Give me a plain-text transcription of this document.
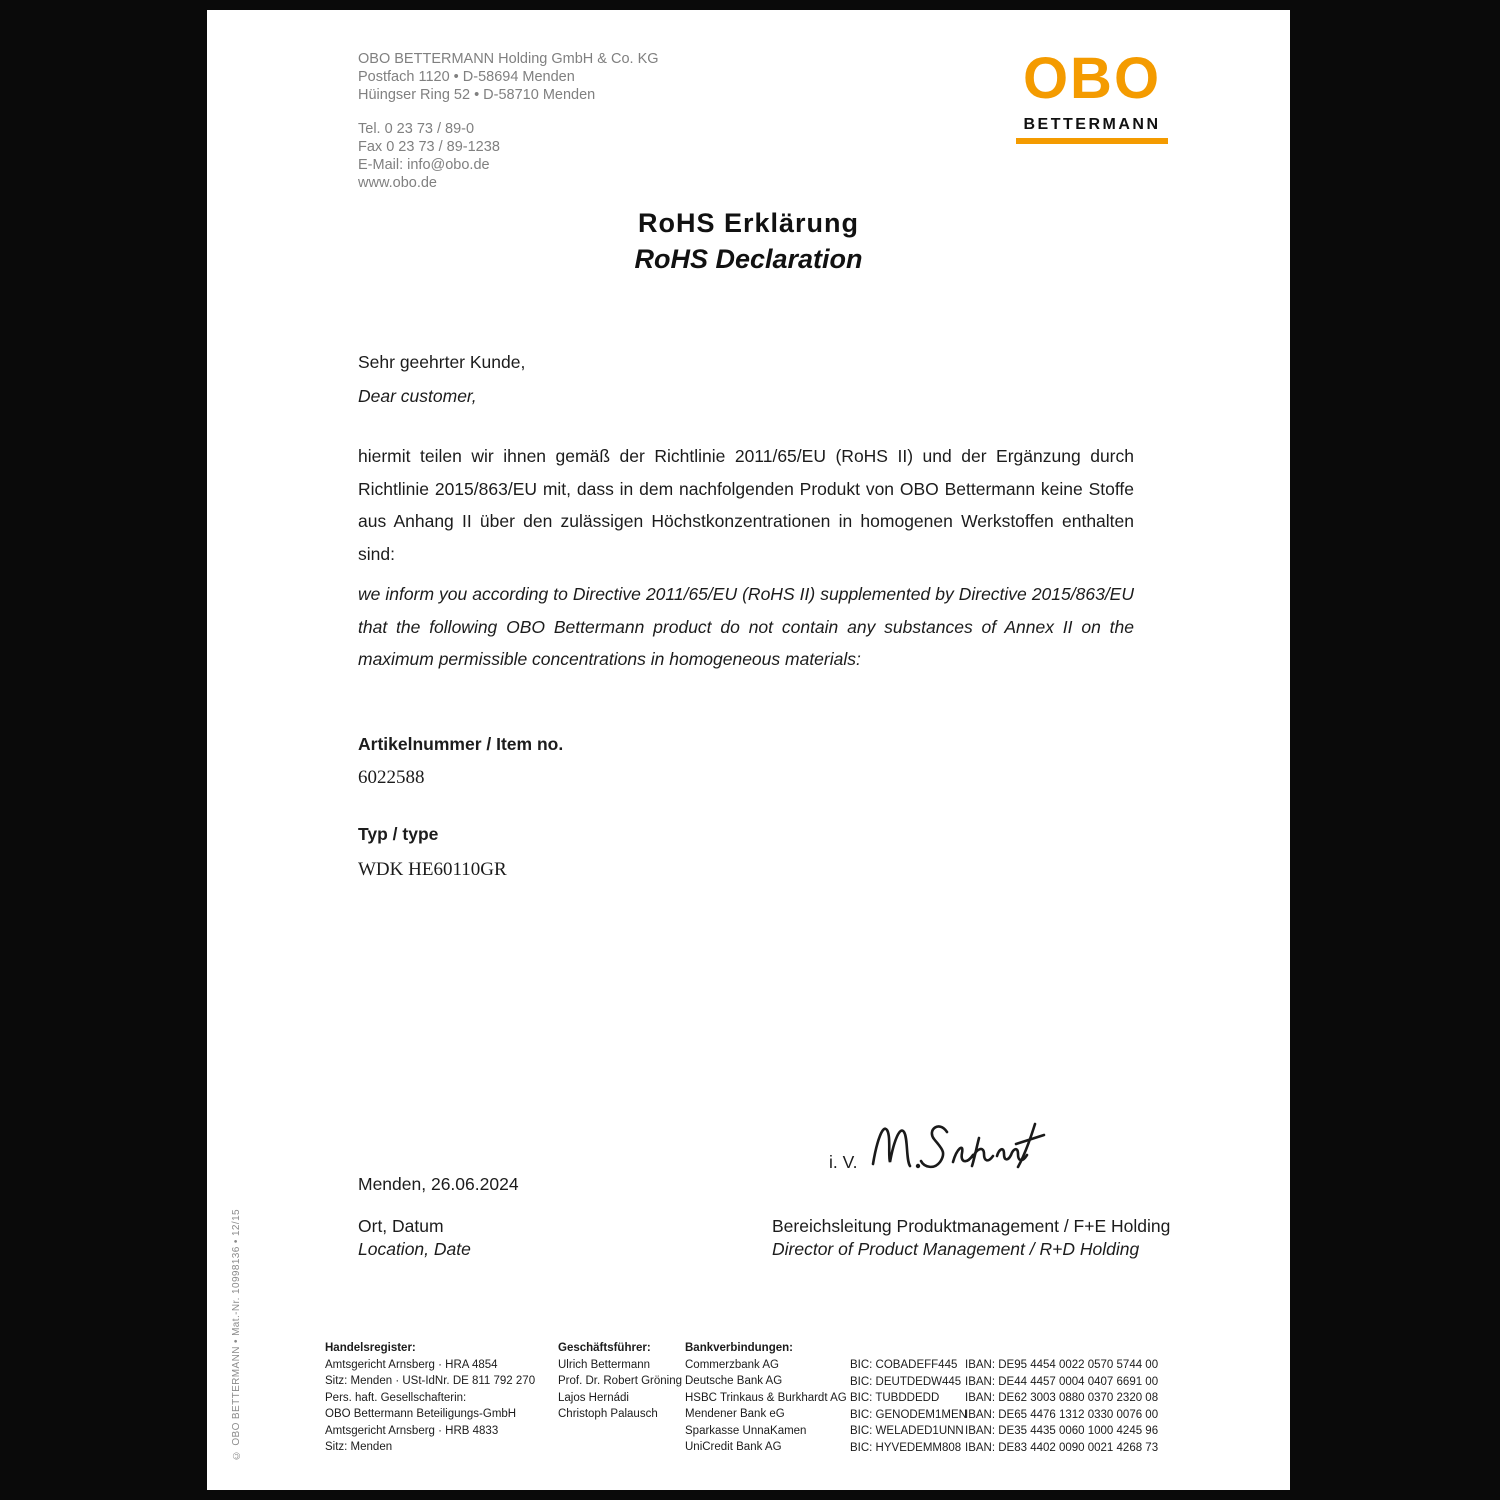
© OBO BETTERMANN • Mat.-Nr. 10998136 • 12/15
OBO BETTERMANN Holding GmbH & Co. KG
Postfach 1120 • D-58694 Menden
Hüingser Ring 52 • D-58710 Menden
Tel. 0 23 73 / 89-0
Fax 0 23 73 / 89-1238
E-Mail: info@obo.de
www.obo.de
OBO
BETTERMANN
RoHS Erklärung
RoHS Declaration
Sehr geehrter Kunde,
Dear customer,

hiermit teilen wir ihnen gemäß der Richtlinie 2011/65/EU (RoHS II) und der Ergänzung durch Richtlinie 2015/863/EU mit, dass in dem nachfolgenden Produkt von OBO Bettermann keine Stoffe aus Anhang II über den zulässigen Höchstkonzentrationen in homogenen Werkstoffen enthalten sind:

we inform you according to Directive 2011/65/EU (RoHS II) supplemented by Directive 2015/863/EU that the following OBO Bettermann product do not contain any substances of Annex II on the maximum permissible concentrations in homogeneous materials:

Artikelnummer / Item no.
6022588
Typ / type
WDK HE60110GR
i. V.
Menden, 26.06.2024
Ort, Datum
Location, Date
Bereichsleitung Produktmanagement / F+E Holding
Director of Product Management / R+D Holding
Handelsregister:
Amtsgericht Arnsberg · HRA 4854
Sitz: Menden · USt-IdNr. DE 811 792 270
Pers. haft. Gesellschafterin:
OBO Bettermann Beteiligungs-GmbH
Amtsgericht Arnsberg · HRB 4833
Sitz: Menden
Geschäftsführer:
Ulrich Bettermann
Prof. Dr. Robert Gröning
Lajos Hernádi
Christoph Palausch
Bankverbindungen:
Commerzbank AG
Deutsche Bank AG
HSBC Trinkaus & Burkhardt AG
Mendener Bank eG
Sparkasse UnnaKamen
UniCredit Bank AG
BIC: COBADEFF445
BIC: DEUTDEDW445
BIC: TUBDDEDD
BIC: GENODEM1MEN
BIC: WELADED1UNN
BIC: HYVEDEMM808
IBAN: DE95 4454 0022 0570 5744 00
IBAN: DE44 4457 0004 0407 6691 00
IBAN: DE62 3003 0880 0370 2320 08
IBAN: DE65 4476 1312 0330 0076 00
IBAN: DE35 4435 0060 1000 4245 96
IBAN: DE83 4402 0090 0021 4268 73
